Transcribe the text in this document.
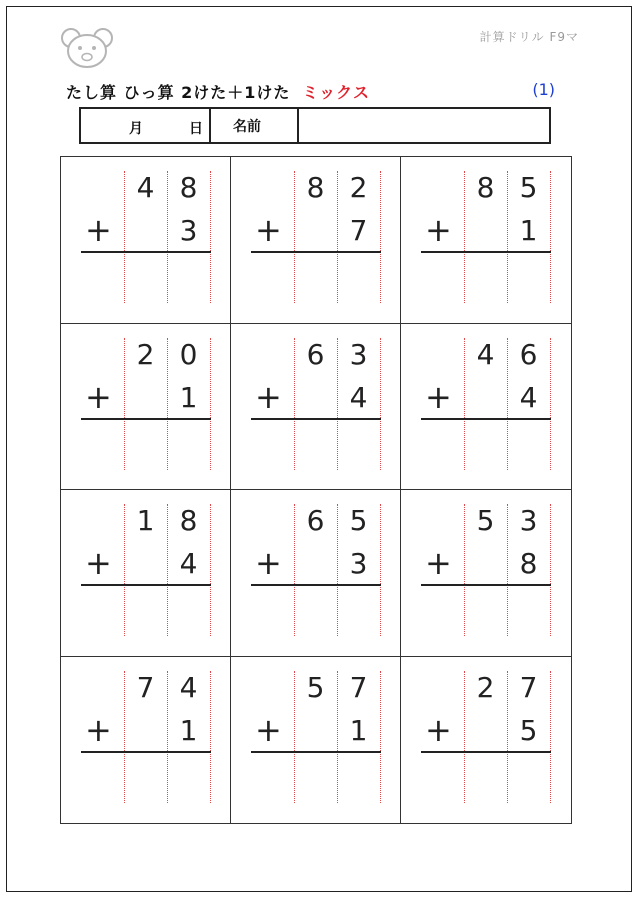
計算ドリル F9マ
たし算 ひっ算 2けた＋1けた ミックス	(1)
月	日	名前
4 8
+	3
8 2
+	7
8 5
+	1
2 0
+	1
6 3
+	4
4 6
+	4
1 8
+	4
6 5
+	3
5 3
+	8
7 4
+	1
5 7
+	1
2 7
+	5
